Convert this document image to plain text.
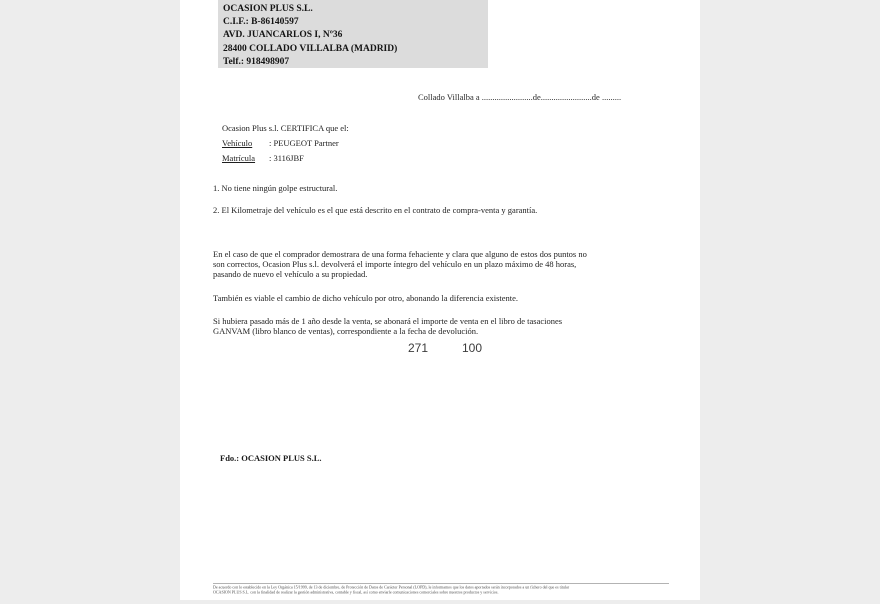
OCASION PLUS S.L.
C.I.F.: B-86140597
AVD. JUANCARLOS I, Nº36
28400 COLLADO VILLALBA (MADRID)
Telf.: 918498907
Collado Villalba a ........................de........................de .........
Ocasion Plus s.l. CERTIFICA que el:
Vehículo : PEUGEOT Partner
Matrícula : 3116JBF
1. No tiene ningún golpe estructural.
2. El Kilometraje del vehículo es el que está descrito en el contrato de compra-venta y garantía.
En el caso de que el comprador demostrara de una forma fehaciente y clara que alguno de estos dos puntos no
son correctos, Ocasion Plus s.l. devolverá el importe íntegro del vehículo en un plazo máximo de 48 horas,
pasando de nuevo el vehículo a su propiedad.
También es viable el cambio de dicho vehículo por otro, abonando la diferencia existente.
Si hubiera pasado más de 1 año desde la venta, se abonará el importe de venta en el libro de tasaciones
GANVAM (libro blanco de ventas), correspondiente a la fecha de devolución.
271	100
Fdo.: OCASION PLUS S.L.
De acuerdo con lo establecido en la Ley Orgánica 15/1999, de 13 de diciembre, de Protección de Datos de Carácter Personal (LOPD), le informamos que los datos aportados serán incorporados a un fichero del que es titular
OCASION PLUS S.L. con la finalidad de realizar la gestión administrativa, contable y fiscal, así como enviarle comunicaciones comerciales sobre nuestros productos y servicios.
